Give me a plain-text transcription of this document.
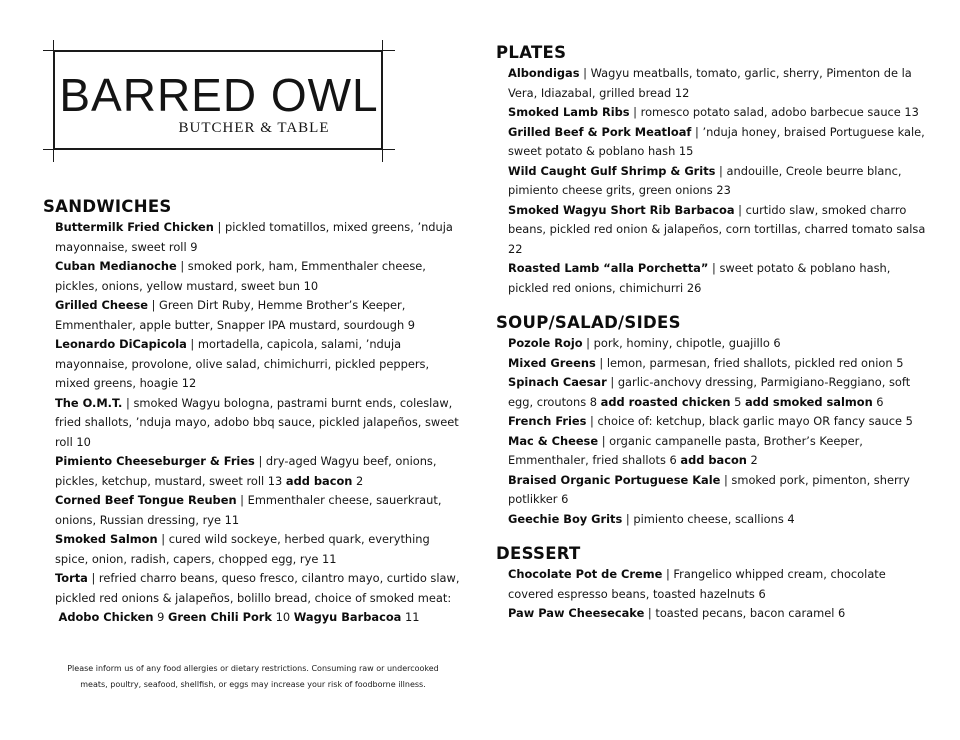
BARRED OWL
BUTCHER & TABLE
SANDWICHES

Buttermilk Fried Chicken | pickled tomatillos, mixed greens, ’nduja mayonnaise, sweet roll 9

Cuban Medianoche | smoked pork, ham, Emmenthaler cheese, pickles, onions, yellow mustard, sweet bun 10

Grilled Cheese | Green Dirt Ruby, Hemme Brother’s Keeper, Emmenthaler, apple butter, Snapper IPA mustard, sourdough 9

Leonardo DiCapicola | mortadella, capicola, salami, ’nduja mayonnaise, provolone, olive salad, chimichurri, pickled peppers, mixed greens, hoagie 12

The O.M.T. | smoked Wagyu bologna, pastrami burnt ends, coleslaw, fried shallots, ’nduja mayo, adobo bbq sauce, pickled jalapeños, sweet roll 10

Pimiento Cheeseburger & Fries | dry-aged Wagyu beef, onions, pickles, ketchup, mustard, sweet roll 13 add bacon 2

Corned Beef Tongue Reuben | Emmenthaler cheese, sauerkraut, onions, Russian dressing, rye 11

Smoked Salmon | cured wild sockeye, herbed quark, everything spice, onion, radish, capers, chopped egg, rye 11

Torta | refried charro beans, queso fresco, cilantro mayo, curtido slaw, pickled red onions & jalapeños, bolillo bread, choice of smoked meat:

Adobo Chicken 9 Green Chili Pork 10 Wagyu Barbacoa 11

PLATES

Albondigas | Wagyu meatballs, tomato, garlic, sherry, Pimenton de la Vera, Idiazabal, grilled bread 12

Smoked Lamb Ribs | romesco potato salad, adobo barbecue sauce 13

Grilled Beef & Pork Meatloaf | ’nduja honey, braised Portuguese kale, sweet potato & poblano hash 15

Wild Caught Gulf Shrimp & Grits | andouille, Creole beurre blanc, pimiento cheese grits, green onions 23

Smoked Wagyu Short Rib Barbacoa | curtido slaw, smoked charro beans, pickled red onion & jalapeños, corn tortillas, charred tomato salsa 22

Roasted Lamb “alla Porchetta” | sweet potato & poblano hash, pickled red onions, chimichurri 26

SOUP/SALAD/SIDES

Pozole Rojo | pork, hominy, chipotle, guajillo 6

Mixed Greens | lemon, parmesan, fried shallots, pickled red onion 5

Spinach Caesar | garlic-anchovy dressing, Parmigiano-Reggiano, soft egg, croutons 8 add roasted chicken 5 add smoked salmon 6

French Fries | choice of: ketchup, black garlic mayo OR fancy sauce 5

Mac & Cheese | organic campanelle pasta, Brother’s Keeper, Emmenthaler, fried shallots 6 add bacon 2

Braised Organic Portuguese Kale | smoked pork, pimenton, sherry potlikker 6

Geechie Boy Grits | pimiento cheese, scallions 4

DESSERT

Chocolate Pot de Creme | Frangelico whipped cream, chocolate covered espresso beans, toasted hazelnuts 6

Paw Paw Cheesecake | toasted pecans, bacon caramel 6

Please inform us of any food allergies or dietary restrictions. Consuming raw or undercooked
meats, poultry, seafood, shellfish, or eggs may increase your risk of foodborne illness.
